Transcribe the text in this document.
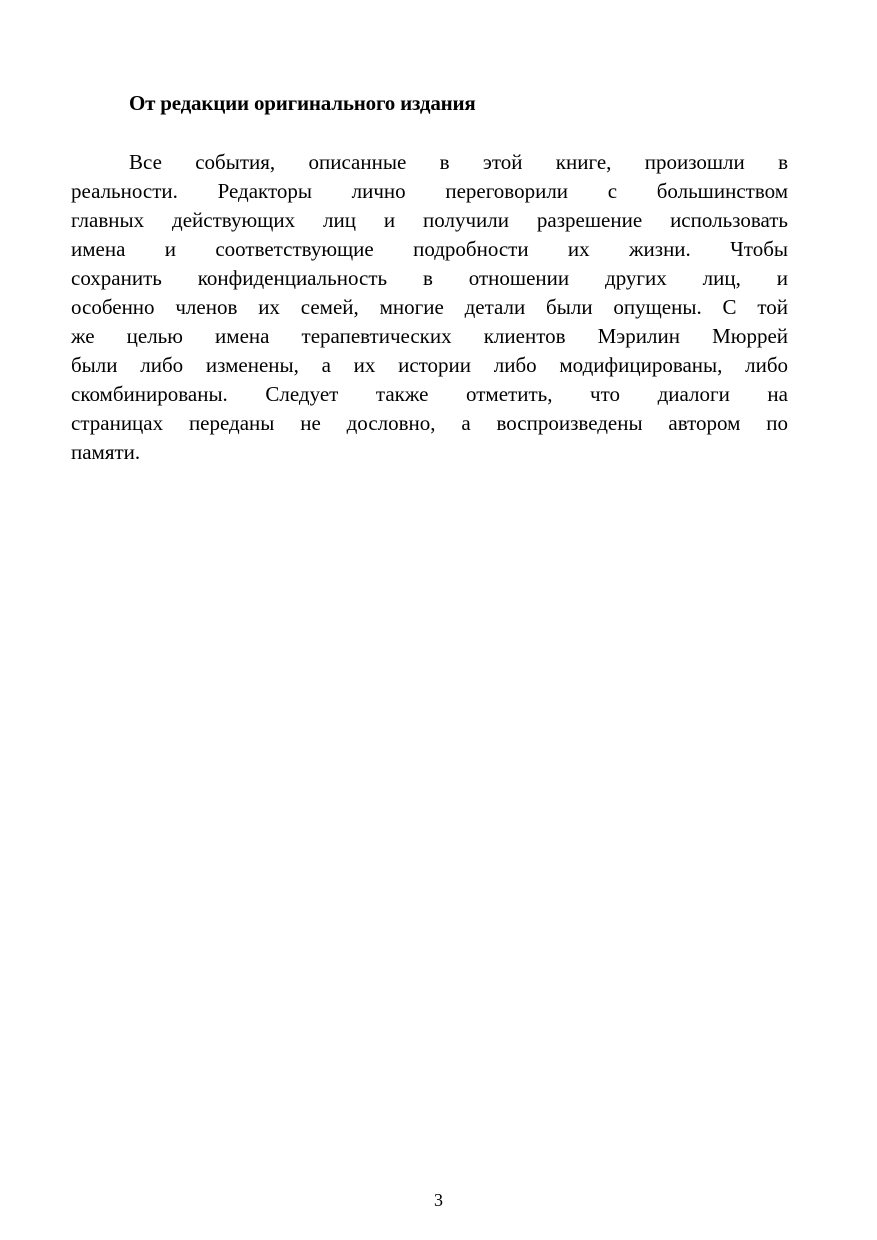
От редакции оригинального издания
Все события, описанные в этой книге, произошли в
реальности. Редакторы лично переговорили с большинством
главных действующих лиц и получили разрешение использовать
имена и соответствующие подробности их жизни. Чтобы
сохранить конфиденциальность в отношении других лиц, и
особенно членов их семей, многие детали были опущены. С той
же целью имена терапевтических клиентов Мэрилин Мюррей
были либо изменены, а их истории либо модифицированы, либо
скомбинированы. Следует также отметить, что диалоги на
страницах переданы не дословно, а воспроизведены автором по
памяти.
3
